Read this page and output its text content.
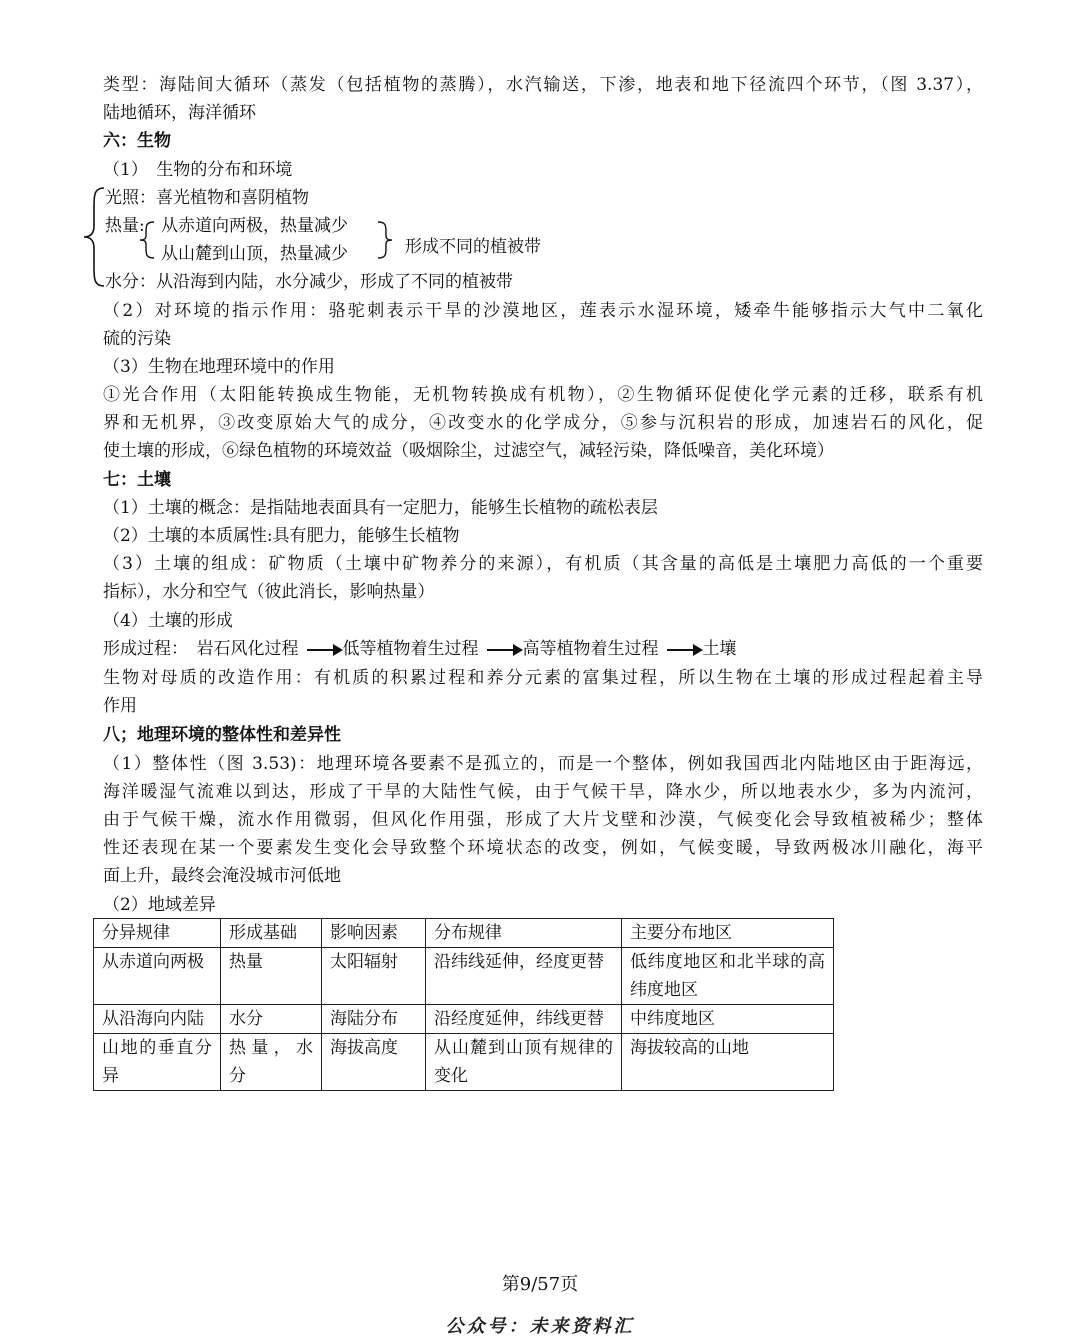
类型：海陆间大循环（蒸发（包括植物的蒸腾），水汽输送，下渗，地表和地下径流四个环节，（图 3.37），
陆地循环，海洋循环
六：生物
（1）　生物的分布和环境
光照：喜光植物和喜阴植物
热量: 从赤道向两极，热量减少
从山麓到山顶，热量减少	形成不同的植被带
水分：从沿海到内陆，水分减少，形成了不同的植被带
（2）对环境的指示作用：骆驼刺表示干旱的沙漠地区，莲表示水湿环境，矮牵牛能够指示大气中二氧化
硫的污染
（3）生物在地理环境中的作用
①光合作用（太阳能转换成生物能，无机物转换成有机物），②生物循环促使化学元素的迁移，联系有机
界和无机界，③改变原始大气的成分，④改变水的化学成分，⑤参与沉积岩的形成，加速岩石的风化，促
使土壤的形成，⑥绿色植物的环境效益（吸烟除尘，过滤空气，减轻污染，降低噪音，美化环境）
七：土壤
（1）土壤的概念：是指陆地表面具有一定肥力，能够生长植物的疏松表层
（2）土壤的本质属性:具有肥力，能够生长植物
（3）土壤的组成：矿物质（土壤中矿物养分的来源），有机质（其含量的高低是土壤肥力高低的一个重要
指标），水分和空气（彼此消长，影响热量）
（4）土壤的形成
形成过程：　岩石风化过程	低等植物着生过程	高等植物着生过程	土壤
生物对母质的改造作用：有机质的积累过程和养分元素的富集过程，所以生物在土壤的形成过程起着主导
作用
八；地理环境的整体性和差异性
（1）整体性（图 3.53)：地理环境各要素不是孤立的，而是一个整体，例如我国西北内陆地区由于距海远，
海洋暖湿气流难以到达，形成了干旱的大陆性气候，由于气候干旱，降水少，所以地表水少，多为内流河，
由于气候干燥，流水作用微弱，但风化作用强，形成了大片戈壁和沙漠，气候变化会导致植被稀少；整体
性还表现在某一个要素发生变化会导致整个环境状态的改变，例如，气候变暖，导致两极冰川融化，海平
面上升，最终会淹没城市河低地
（2）地域差异
分异规律	形成基础	影响因素	分布规律	主要分布地区
从赤道向两极	热量	太阳辐射	沿纬线延伸，经度更替	低纬度地区和北半球的高纬度地区
从沿海向内陆	水分	海陆分布	沿经度延伸，纬线更替	中纬度地区
山地的垂直分异	热量，水分	海拔高度	从山麓到山顶有规律的变化	海拔较高的山地
第9/57页
公众号：未来资料汇
